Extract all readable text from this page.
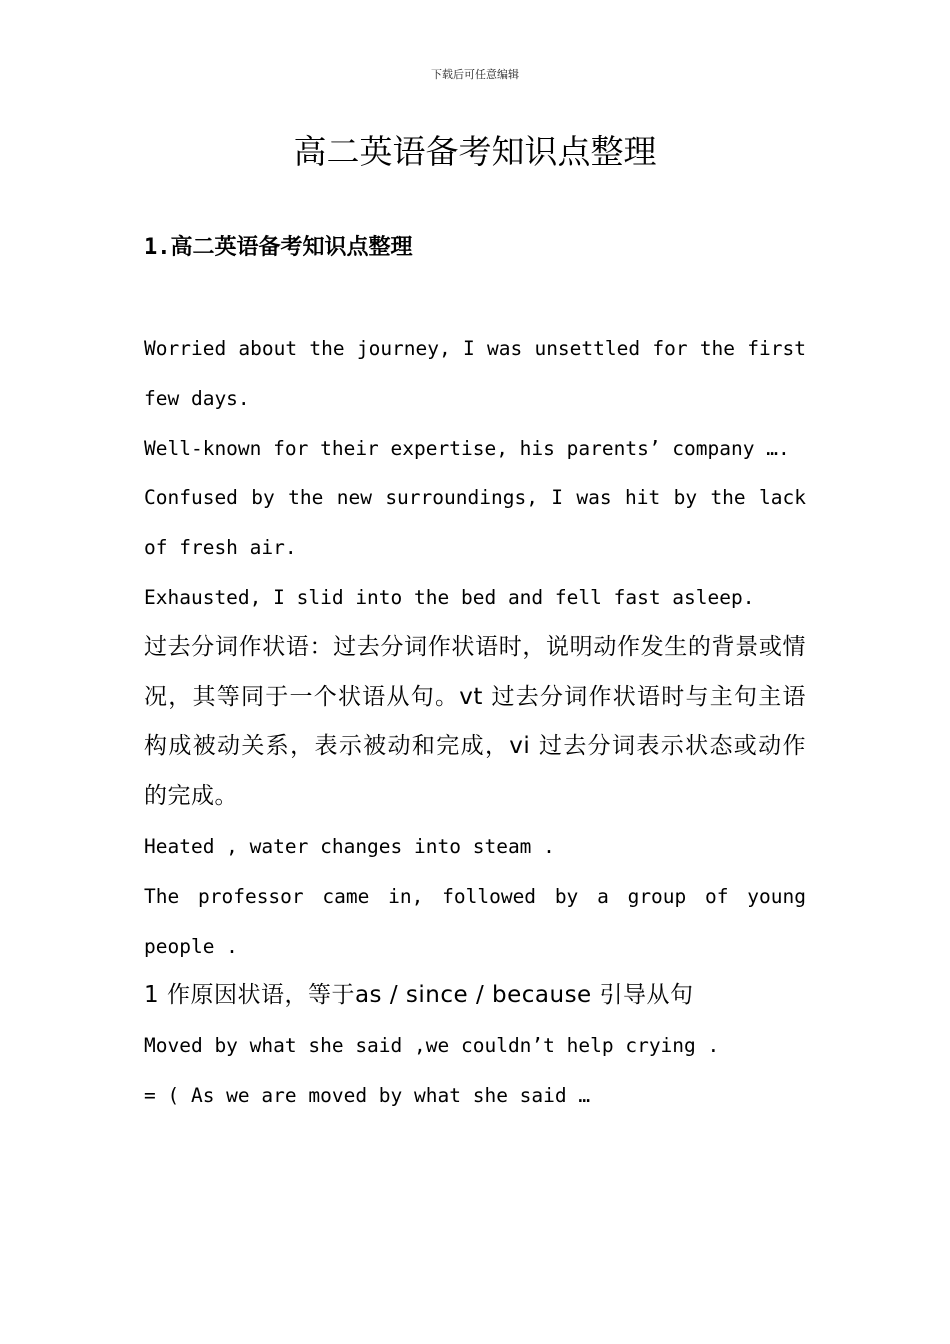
下载后可任意编辑
高二英语备考知识点整理
1.高二英语备考知识点整理

Worried about the journey, I was unsettled for the first few days.

Well-known for their expertise, his parents’ company ….

Confused by the new surroundings, I was hit by the lack of fresh air.

Exhausted, I slid into the bed and fell fast asleep.

过去分词作状语：过去分词作状语时，说明动作发生的背景或情况，其等同于一个状语从句。vt 过去分词作状语时与主句主语构成被动关系，表示被动和完成，vi 过去分词表示状态或动作的完成。

Heated , water changes into steam .

The professor came in, followed by a group of young people .

1 作原因状语，等于as / since / because 引导从句

Moved by what she said ,we couldn’t help crying .

= ( As we are moved by what she said …
